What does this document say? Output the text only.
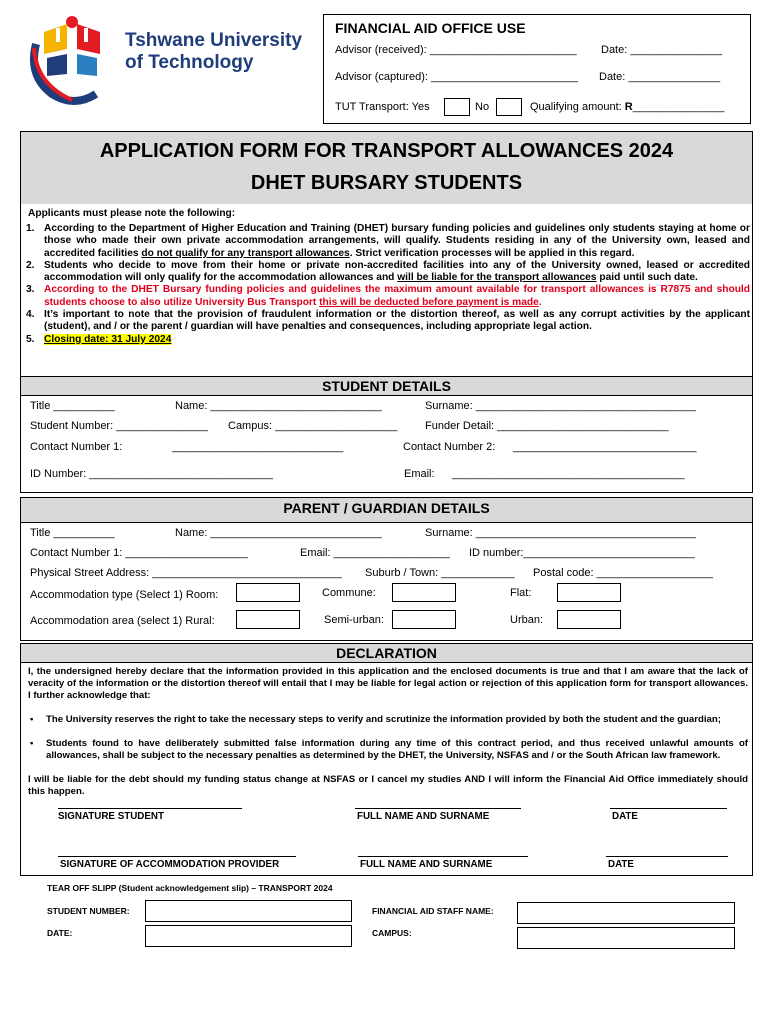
Tshwane University
of Technology
FINANCIAL AID OFFICE USE
Advisor (received): ________________________ Date: _______________
Advisor (captured): ________________________ Date: _______________
TUT Transport: Yes	No	Qualifying amount: R_______________
APPLICATION FORM FOR TRANSPORT ALLOWANCES 2024
DHET BURSARY STUDENTS
Applicants must please note the following:

1. According to the Department of Higher Education and Training (DHET) bursary funding policies and guidelines only students staying at home or those who made their own private accommodation arrangements, will qualify. Students residing in any of the University own, leased and accredited facilities do not qualify for any transport allowances. Strict verification processes will be applied in this regard.

2. Students who decide to move from their home or private non-accredited facilities into any of the University owned, leased or accredited accommodation will only qualify for the accommodation allowances and will be liable for the transport allowances paid until such date.

3. According to the DHET Bursary funding policies and guidelines the maximum amount available for transport allowances is R7875 and should students choose to also utilize University Bus Transport this will be deducted before payment is made.

4. It’s important to note that the provision of fraudulent information or the distortion thereof, as well as any corrupt activities by the applicant (student), and / or the parent / guardian will have penalties and consequences, including appropriate legal action.

5. Closing date: 31 July 2024

STUDENT DETAILS
Title __________	Name: ____________________________	Surname: ____________________________________
Student Number: _______________ Campus: ____________________	Funder Detail: ____________________________
Contact Number 1:	____________________________	Contact Number 2: ______________________________
ID Number: ______________________________	Email: ______________________________________
PARENT / GUARDIAN DETAILS
Title __________	Name: ____________________________	Surname: ____________________________________
Contact Number 1: ____________________	Email: ___________________ ID number:____________________________
Physical Street Address: _______________________________ Suburb / Town: ____________ Postal code: ___________________
Accommodation type (Select 1) Room:	Commune:	Flat:
Accommodation area (select 1) Rural:	Semi-urban:	Urban:
DECLARATION
I, the undersigned hereby declare that the information provided in this application and the enclosed documents is true and that I am aware that the lack of veracity of the information or the distortion thereof will entail that I may be liable for legal action or rejection of this application form for transport allowances. I further acknowledge that:
• The University reserves the right to take the necessary steps to verify and scrutinize the information provided by both the student and the guardian;
• Students found to have deliberately submitted false information during any time of this contract period, and thus received unlawful amounts of allowances, shall be subject to the necessary penalties as determined by the DHET, the University, NSFAS and / or the South African law framework.
I will be liable for the debt should my funding status change at NSFAS or I cancel my studies AND I will inform the Financial Aid Office immediately should this happen.
SIGNATURE STUDENT	FULL NAME AND SURNAME	DATE
SIGNATURE OF ACCOMMODATION PROVIDER	FULL NAME AND SURNAME	DATE
TEAR OFF SLIPP (Student acknowledgement slip) – TRANSPORT 2024
STUDENT NUMBER:	FINANCIAL AID STAFF NAME:
DATE:	CAMPUS:
